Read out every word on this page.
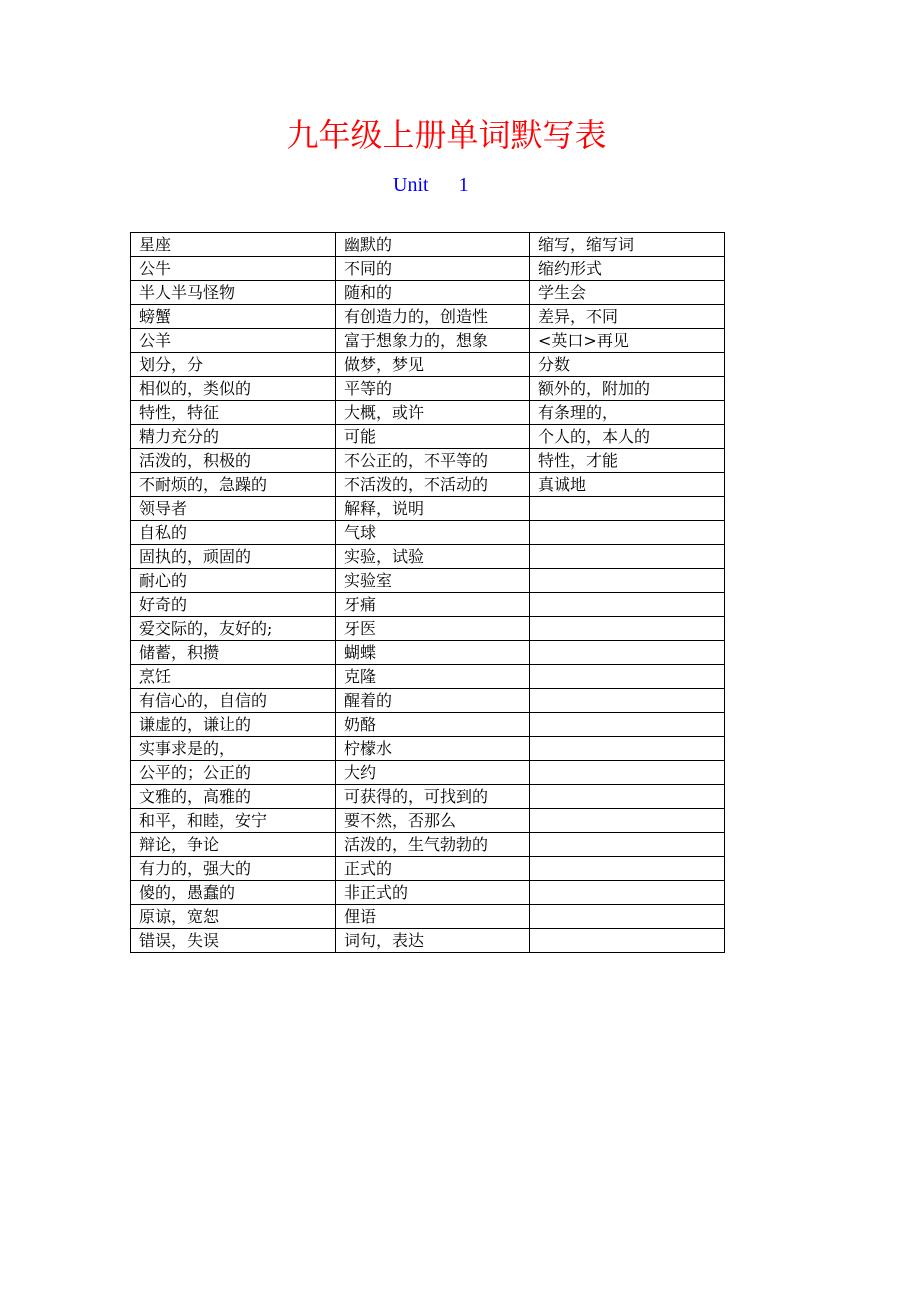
九年级上册单词默写表
Unit 1
星座	幽默的	缩写，缩写词
公牛	不同的	缩约形式
半人半马怪物	随和的	学生会
螃蟹	有创造力的，创造性	差异，不同
公羊	富于想象力的，想象	<英口>再见
划分，分	做梦，梦见	分数
相似的，类似的	平等的	额外的，附加的
特性，特征	大概，或许	有条理的，
精力充分的	可能	个人的，本人的
活泼的，积极的	不公正的，不平等的	特性，才能
不耐烦的，急躁的	不活泼的，不活动的	真诚地
领导者	解释，说明	
自私的	气球	
固执的，顽固的	实验，试验	
耐心的	实验室	
好奇的	牙痛	
爱交际的，友好的;	牙医	
储蓄，积攒	蝴蝶	
烹饪	克隆	
有信心的，自信的	醒着的	
谦虚的，谦让的	奶酪	
实事求是的，	柠檬水	
公平的；公正的	大约	
文雅的，高雅的	可获得的，可找到的	
和平，和睦，安宁	要不然，否那么	
辩论，争论	活泼的，生气勃勃的	
有力的，强大的	正式的	
傻的，愚蠢的	非正式的	
原谅，宽恕	俚语	
错误，失误	词句，表达	
